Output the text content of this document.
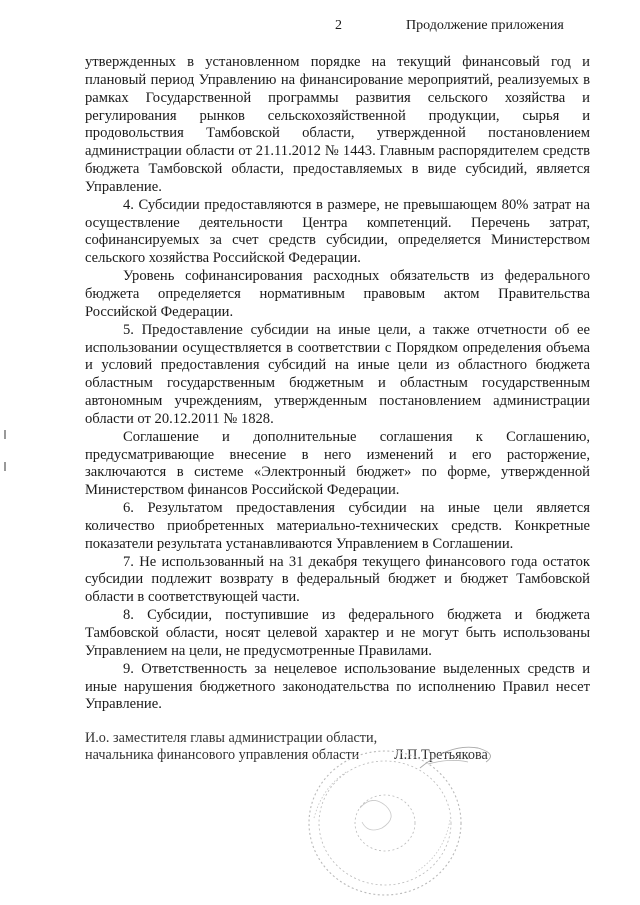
2	Продолжение приложения

утвержденных в установленном порядке на текущий финансовый год и плановый период Управлению на финансирование мероприятий, реализуемых в рамках Государственной программы развития сельского хозяйства и регулирования рынков сельскохозяйственной продукции, сырья и продовольствия Тамбовской области, утвержденной постановлением администрации области от 21.11.2012 № 1443. Главным распорядителем средств бюджета Тамбовской области, предоставляемых в виде субсидий, является Управление.

4. Субсидии предоставляются в размере, не превышающем 80% затрат на осуществление деятельности Центра компетенций. Перечень затрат, софинансируемых за счет средств субсидии, определяется Министерством сельского хозяйства Российской Федерации.

Уровень софинансирования расходных обязательств из федерального бюджета определяется нормативным правовым актом Правительства Российской Федерации.

5. Предоставление субсидии на иные цели, а также отчетности об ее использовании осуществляется в соответствии с Порядком определения объема и условий предоставления субсидий на иные цели из областного бюджета областным государственным бюджетным и областным государственным автономным учреждениям, утвержденным постановлением администрации области от 20.12.2011 № 1828.

Соглашение и дополнительные соглашения к Соглашению, предусматривающие внесение в него изменений и его расторжение, заключаются в системе «Электронный бюджет» по форме, утвержденной Министерством финансов Российской Федерации.

6. Результатом предоставления субсидии на иные цели является количество приобретенных материально-технических средств. Конкретные показатели результата устанавливаются Управлением в Соглашении.

7. Не использованный на 31 декабря текущего финансового года остаток субсидии подлежит возврату в федеральный бюджет и бюджет Тамбовской области в соответствующей части.

8. Субсидии, поступившие из федерального бюджета и бюджета Тамбовской области, носят целевой характер и не могут быть использованы Управлением на цели, не предусмотренные Правилами.

9. Ответственность за нецелевое использование выделенных средств и иные нарушения бюджетного законодательства по исполнению Правил несет Управление.

И.о. заместителя главы администрации области,
начальника финансового управления области	Л.П.Третьякова
